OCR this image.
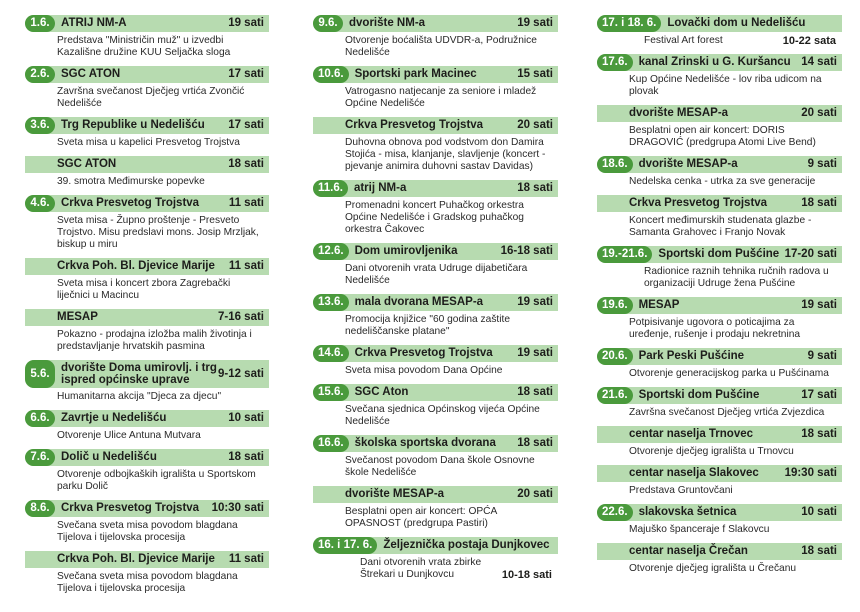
1.6. ATRIJ NM-A	19 sati
Predstava "Ministričin muž" u izvedbi Kazališne družine KUU Seljačka sloga
2.6. SGC ATON	17 sati
Završna svečanost Dječjeg vrtića Zvončić Nedelišće
3.6. Trg Republike u Nedelišću	17 sati
Sveta misa u kapelici Presvetog Trojstva
SGC ATON	18 sati
39. smotra Međimurske popevke
4.6. Crkva Presvetog Trojstva	11 sati
Sveta misa - Župno proštenje - Presveto Trojstvo. Misu predslavi mons. Josip Mrzljak, biskup u miru
Crkva Poh. Bl. Djevice Marije	11 sati
Sveta misa i koncert zbora Zagrebački liječnici u Macincu
MESAP	7-16 sati
Pokazno - prodajna izložba malih životinja i predstavljanje hrvatskih pasmina
5.6. dvorište Doma umirovlj. i trg ispred općinske uprave	9-12 sati
Humanitarna akcija "Djeca za djecu"
6.6. Zavrtje u Nedelišću	10 sati
Otvorenje Ulice Antuna Mutvara
7.6. Dolič u Nedelišću	18 sati
Otvorenje odbojkaških igrališta u Sportskom parku Dolič
8.6. Crkva Presvetog Trojstva	10:30 sati
Svečana sveta misa povodom blagdana Tijelova i tijelovska procesija
Crkva Poh. Bl. Djevice Marije	11 sati
Svečana sveta misa povodom blagdana Tijelova i tijelovska procesija
9.6. dvorište NM-a	19 sati
Otvorenje boćališta UDVDR-a, Podružnice Nedelišće
10.6. Sportski park Macinec	15 sati
Vatrogasno natjecanje za seniore i mladež Općine Nedelišće
Crkva Presvetog Trojstva	20 sati
Duhovna obnova pod vodstvom don Damira Stojića - misa, klanjanje, slavljenje (koncert - pjevanje animira duhovni sastav Davidas)
11.6. atrij NM-a	18 sati
Promenadni koncert Puhačkog orkestra Općine Nedelišće i Gradskog puhačkog orkestra Čakovec
12.6. Dom umirovljenika	16-18 sati
Dani otvorenih vrata Udruge dijabetičara Nedelišće
13.6. mala dvorana MESAP-a	19 sati
Promocija knjižice "60 godina zaštite nedeliščanske platane"
14.6. Crkva Presvetog Trojstva	19 sati
Sveta misa povodom Dana Općine
15.6. SGC Aton	18 sati
Svečana sjednica Općinskog vijeća Općine Nedelišće
16.6. školska sportska dvorana	18 sati
Svečanost povodom Dana škole Osnovne škole Nedelišće
dvorište MESAP-a	20 sati
Besplatni open air koncert: OPĆA OPASNOST (predgrupa Pastiri)
16. i 17. 6. Željeznička postaja Dunjkovec
Dani otvorenih vrata zbirke Štrekari u Dunjkovcu	10-18 sati
17. i 18. 6. Lovački dom u Nedelišću
Festival Art forest	10-22 sata
17.6. kanal Zrinski u G. Kuršancu 14 sati
Kup Općine Nedelišće - lov riba udicom na plovak
dvorište MESAP-a	20 sati
Besplatni open air koncert: DORIS DRAGOVIĆ (predgrupa Atomi Live Bend)
18.6. dvorište MESAP-a	9 sati
Nedelska cenka - utrka za sve generacije
Crkva Presvetog Trojstva	18 sati
Koncert međimurskih studenata glazbe - Samanta Grahovec i Franjo Novak
19.-21.6. Sportski dom Pušćine 17-20 sati
Radionice raznih tehnika ručnih radova u organizaciji Udruge žena Pušćine
19.6. MESAP	19 sati
Potpisivanje ugovora o poticajima za uređenje, rušenje i prodaju nekretnina
20.6. Park Peski Pušćine	9 sati
Otvorenje generacijskog parka u Pušćinama
21.6. Sportski dom Pušćine	17 sati
Završna svečanost Dječjeg vrtića Zvjezdica
centar naselja Trnovec	18 sati
Otvorenje dječjeg igrališta u Trnovcu
centar naselja Slakovec	19:30 sati
Predstava Gruntovčani
22.6. slakovska šetnica	10 sati
Majuško španceraje f Slakovcu
centar naselja Črečan	18 sati
Otvorenje dječjeg igrališta u Črečanu
